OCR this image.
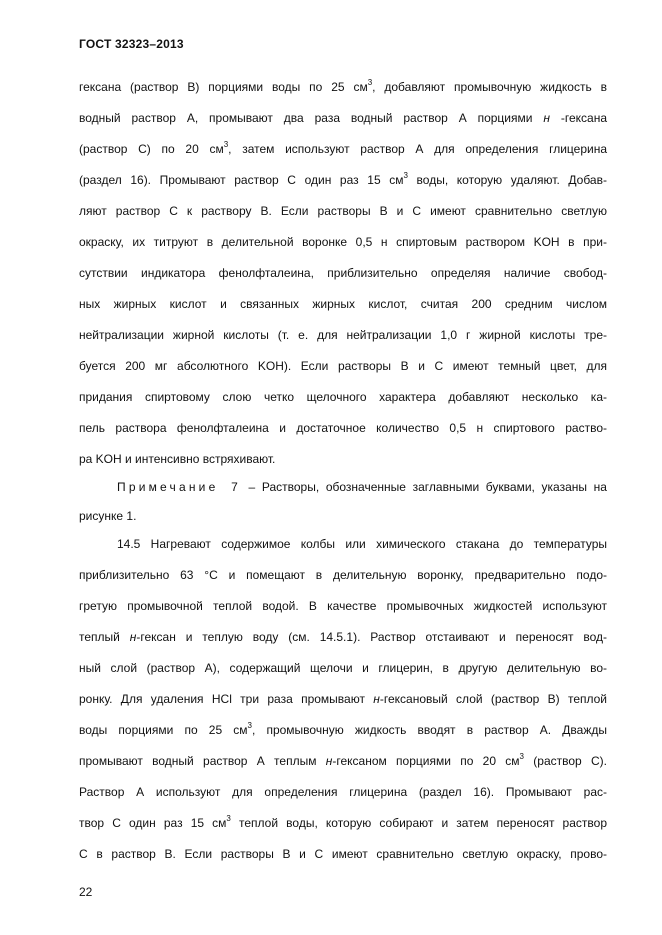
ГОСТ 32323–2013
гексана (раствор В) порциями воды по 25 $см^3$, добавляют промывочную жидкость в
водный раствор А, промывают два раза водный раствор А порциями н -гексана
(раствор С) по 20 $см^3$, затем используют раствор А для определения глицерина
(раздел 16). Промывают раствор С один раз 15 $см^3$ воды, которую удаляют. Добав-
ляют раствор С к раствору В. Если растворы В и С имеют сравнительно светлую
окраску, их титруют в делительной воронке 0,5 н спиртовым раствором KOH в при-
сутствии индикатора фенолфталеина, приблизительно определяя наличие свобод-
ных жирных кислот и связанных жирных кислот, считая 200 средним числом
нейтрализации жирной кислоты (т. е. для нейтрализации 1,0 г жирной кислоты тре-
буется 200 мг абсолютного KOH). Если растворы В и С имеют темный цвет, для
придания спиртовому слою четко щелочного характера добавляют несколько ка-
пель раствора фенолфталеина и достаточное количество 0,5 н спиртового раство-
ра KOH и интенсивно встряхивают.
Примечание 7 – Растворы, обозначенные заглавными буквами, указаны на
рисунке 1.
14.5 Нагревают содержимое колбы или химического стакана до температуры
приблизительно 63 °С и помещают в делительную воронку, предварительно подо-
гретую промывочной теплой водой. В качестве промывочных жидкостей используют
теплый н-гексан и теплую воду (см. 14.5.1). Раствор отстаивают и переносят вод-
ный слой (раствор А), содержащий щелочи и глицерин, в другую делительную во-
ронку. Для удаления HCl три раза промывают н-гексановый слой (раствор В) теплой
воды порциями по 25 $см^3$, промывочную жидкость вводят в раствор А. Дважды
промывают водный раствор А теплым н-гексаном порциями по 20 $см^3$ (раствор С).
Раствор А используют для определения глицерина (раздел 16). Промывают рас-
твор С один раз 15 $см^3$ теплой воды, которую собирают и затем переносят раствор
С в раствор В. Если растворы В и С имеют сравнительно светлую окраску, прово-
22
